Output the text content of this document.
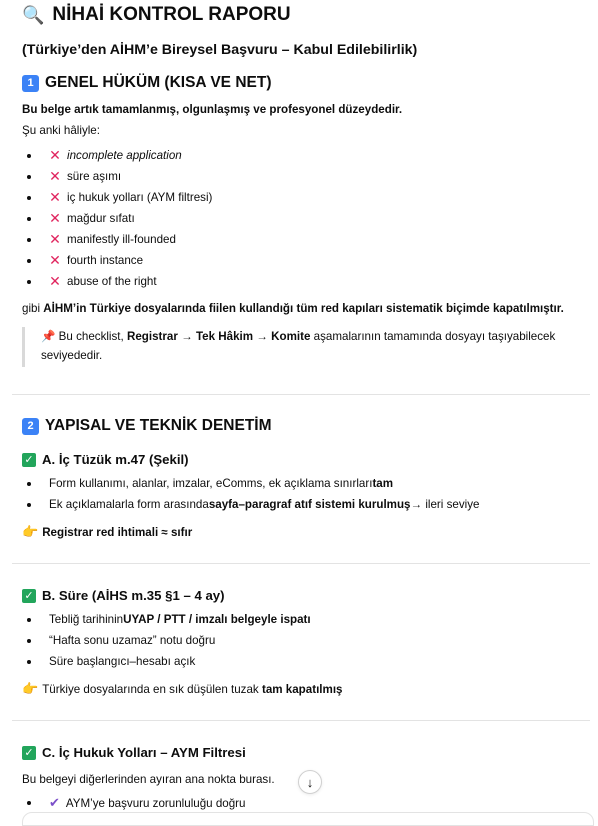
🔍 NİHAİ KONTROL RAPORU
(Türkiye’den AİHM’e Bireysel Başvuru – Kabul Edilebilirlik)
1 GENEL HÜKÜM (KISA VE NET)
Bu belge artık tamamlanmış, olgunlaşmış ve profesyonel düzeydedir.
Şu anki hâliyle:
✕ incomplete application
✕ süre aşımı
✕ iç hukuk yolları (AYM filtresi)
✕ mağdur sıfatı
✕ manifestly ill-founded
✕ fourth instance
✕ abuse of the right
gibi AİHM’in Türkiye dosyalarında fiilen kullandığı tüm red kapıları sistematik biçimde kapatılmıştır.
📌 Bu checklist, Registrar → Tek Hâkim → Komite aşamalarının tamamında dosyayı taşıyabilecek
seviyededir.
2 YAPISAL VE TEKNİK DENETİM
✓ A. İç Tüzük m.47 (Şekil)
Form kullanımı, alanlar, imzalar, eComms, ek açıklama sınırları tam
Ek açıklamalarla form arasında sayfa–paragraf atıf sistemi kurulmuş → ileri seviye
👉 Registrar red ihtimali ≈ sıfır
✓ B. Süre (AİHS m.35 §1 – 4 ay)
Tebliğ tarihinin UYAP / PTT / imzalı belgeyle ispatı
“Hafta sonu uzamaz” notu doğru
Süre başlangıcı–hesabı açık
👉 Türkiye dosyalarında en sık düşülen tuzak tam kapatılmış
✓ C. İç Hukuk Yolları – AYM Filtresi
Bu belgeyi diğerlerinden ayıran ana nokta burası.
✔ AYM’ye başvuru zorunluluğu doğru
↓
